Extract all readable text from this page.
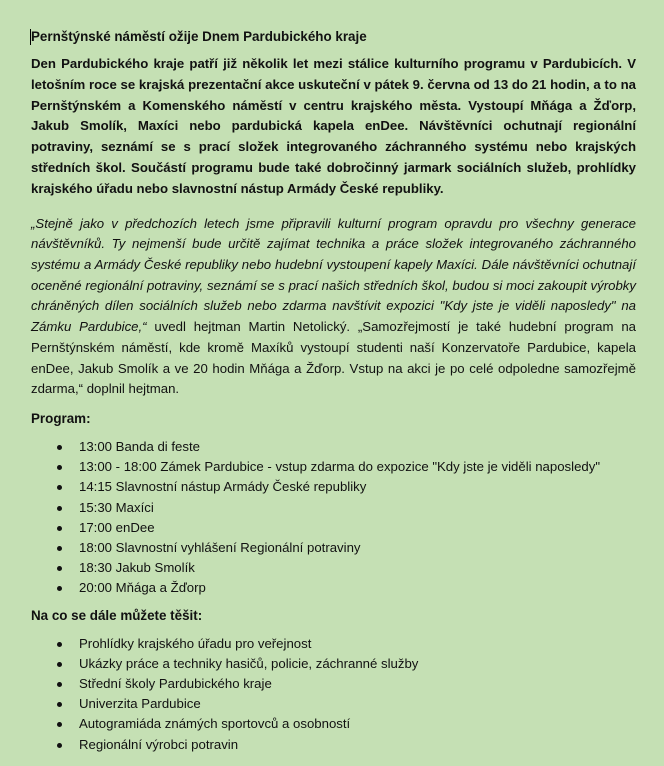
Pernštýnské náměstí ožije Dnem Pardubického kraje
Den Pardubického kraje patří již několik let mezi stálice kulturního programu v Pardubicích. V letošním roce se krajská prezentační akce uskuteční v pátek 9. června od 13 do 21 hodin, a to na Pernštýnském a Komenského náměstí v centru krajského města. Vystoupí Mňága a Žďorp, Jakub Smolík, Maxíci nebo pardubická kapela enDee. Návštěvníci ochutnají regionální potraviny, seznámí se s prací složek integrovaného záchranného systému nebo krajských středních škol. Součástí programu bude také dobročinný jarmark sociálních služeb, prohlídky krajského úřadu nebo slavnostní nástup Armády České republiky.
„Stejně jako v předchozích letech jsme připravili kulturní program opravdu pro všechny generace návštěvníků. Ty nejmenší bude určitě zajímat technika a práce složek integrovaného záchranného systému a Armády České republiky nebo hudební vystoupení kapely Maxíci. Dále návštěvníci ochutnají oceněné regionální potraviny, seznámí se s prací našich středních škol, budou si moci zakoupit výrobky chráněných dílen sociálních služeb nebo zdarma navštívit expozici "Kdy jste je viděli naposledy" na Zámku Pardubice,“ uvedl hejtman Martin Netolický. „Samozřejmostí je také hudební program na Pernštýnském náměstí, kde kromě Maxíků vystoupí studenti naší Konzervatoře Pardubice, kapela enDee, Jakub Smolík a ve 20 hodin Mňága a Žďorp. Vstup na akci je po celé odpoledne samozřejmě zdarma,“ doplnil hejtman.
Program:
13:00 Banda di feste
13:00 - 18:00 Zámek Pardubice - vstup zdarma do expozice "Kdy jste je viděli naposledy"
14:15 Slavnostní nástup Armády České republiky
15:30 Maxíci
17:00 enDee
18:00 Slavnostní vyhlášení Regionální potraviny
18:30 Jakub Smolík
20:00 Mňága a Žďorp
Na co se dále můžete těšit:
Prohlídky krajského úřadu pro veřejnost
Ukázky práce a techniky hasičů, policie, záchranné služby
Střední školy Pardubického kraje
Univerzita Pardubice
Autogramiáda známých sportovců a osobností
Regionální výrobci potravin
